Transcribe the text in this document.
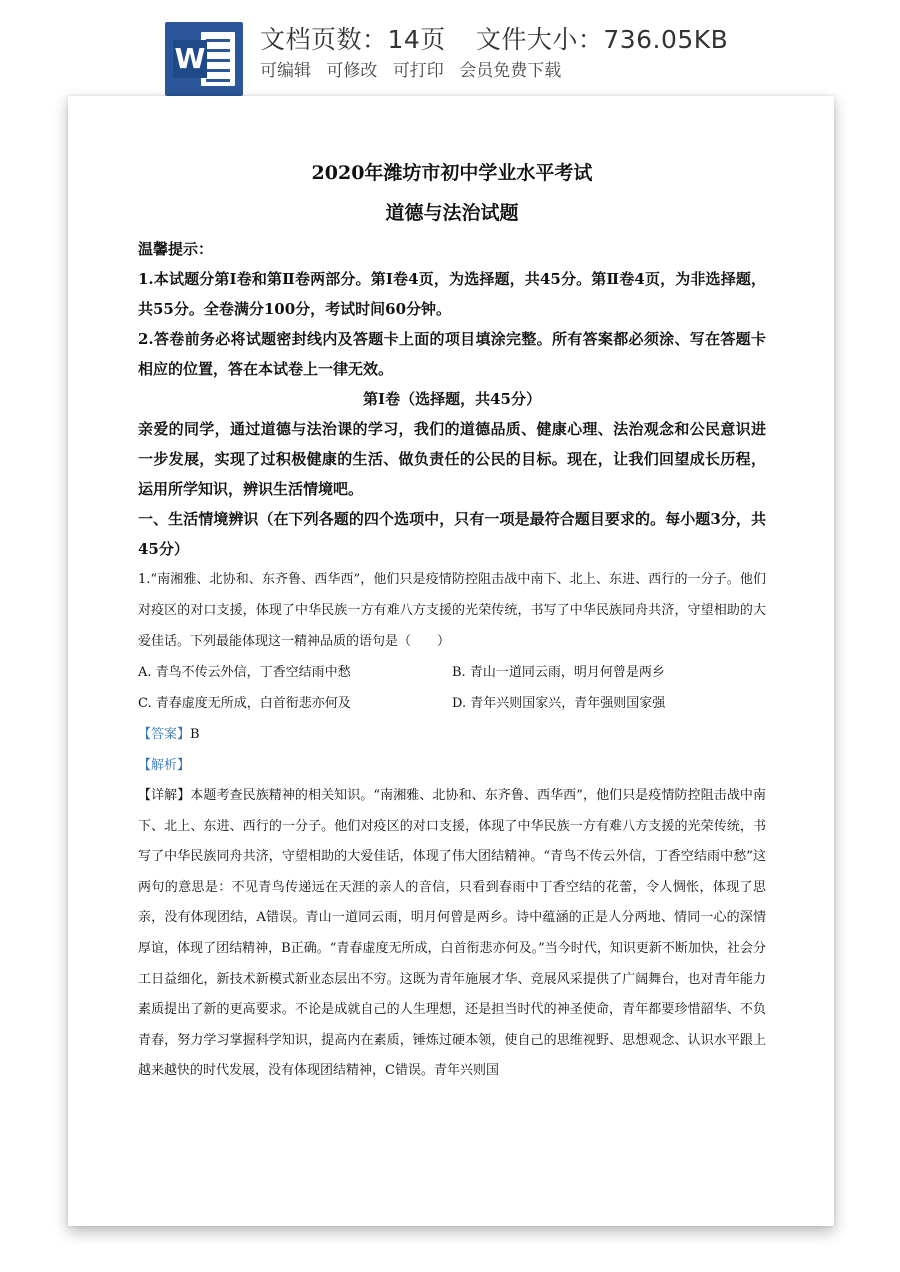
W
文档页数：14页 文件大小：736.05KB
可编辑 可修改 可打印 会员免费下载

2020年潍坊市初中学业水平考试

道德与法治试题

温馨提示：

1.本试题分第Ⅰ卷和第Ⅱ卷两部分。第Ⅰ卷4页，为选择题，共45分。第Ⅱ卷4页，为非选择题，共55分。全卷满分100分，考试时间60分钟。

2.答卷前务必将试题密封线内及答题卡上面的项目填涂完整。所有答案都必须涂、写在答题卡相应的位置，答在本试卷上一律无效。

第Ⅰ卷（选择题，共45分）

亲爱的同学，通过道德与法治课的学习，我们的道德品质、健康心理、法治观念和公民意识进一步发展，实现了过积极健康的生活、做负责任的公民的目标。现在，让我们回望成长历程，运用所学知识，辨识生活情境吧。

一、生活情境辨识（在下列各题的四个选项中，只有一项是最符合题目要求的。每小题3分，共45分）

1.“南湘雅、北协和、东齐鲁、西华西”，他们只是疫情防控阻击战中南下、北上、东进、西行的一分子。他们对疫区的对口支援，体现了中华民族一方有难八方支援的光荣传统，书写了中华民族同舟共济，守望相助的大爱佳话。下列最能体现这一精神品质的语句是（　　）

A. 青鸟不传云外信，丁香空结雨中愁	B. 青山一道同云雨，明月何曾是两乡
C. 青春虚度无所成，白首衔悲亦何及	D. 青年兴则国家兴，青年强则国家强
【答案】B
【解析】

【详解】本题考查民族精神的相关知识。“南湘雅、北协和、东齐鲁、西华西”，他们只是疫情防控阻击战中南下、北上、东进、西行的一分子。他们对疫区的对口支援，体现了中华民族一方有难八方支援的光荣传统，书写了中华民族同舟共济，守望相助的大爱佳话，体现了伟大团结精神。“青鸟不传云外信，丁香空结雨中愁”这两句的意思是：不见青鸟传递远在天涯的亲人的音信，只看到春雨中丁香空结的花蕾，令人惆怅，体现了思亲，没有体现团结，A错误。青山一道同云雨，明月何曾是两乡。诗中蕴涵的正是人分两地、情同一心的深情厚谊，体现了团结精神，B正确。“青春虚度无所成，白首衔悲亦何及。”当今时代，知识更新不断加快，社会分工日益细化，新技术新模式新业态层出不穷。这既为青年施展才华、竞展风采提供了广阔舞台，也对青年能力素质提出了新的更高要求。不论是成就自己的人生理想，还是担当时代的神圣使命，青年都要珍惜韶华、不负青春，努力学习掌握科学知识，提高内在素质，锤炼过硬本领，使自己的思维视野、思想观念、认识水平跟上越来越快的时代发展，没有体现团结精神，C错误。青年兴则国
